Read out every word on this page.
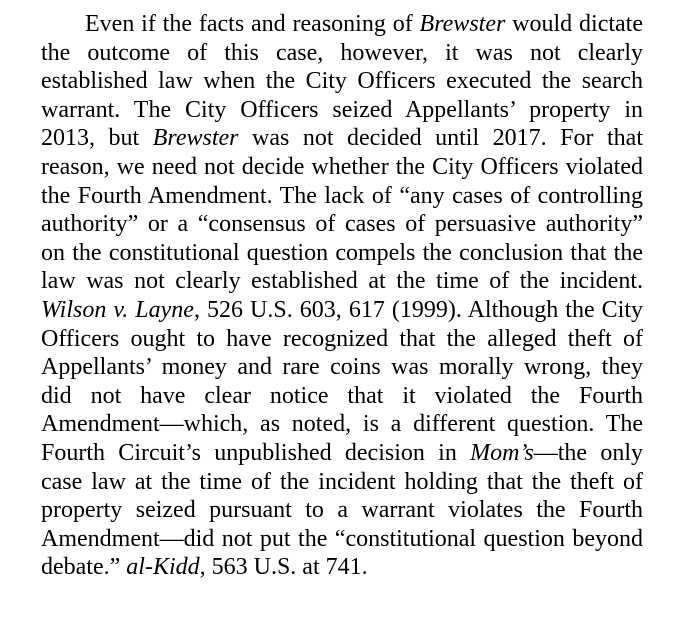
Even if the facts and reasoning of Brewster would dictate the outcome of this case, however, it was not clearly established law when the City Officers executed the search warrant. The City Officers seized Appellants’ property in 2013, but Brewster was not decided until 2017. For that reason, we need not decide whether the City Officers violated the Fourth Amendment. The lack of “any cases of controlling authority” or a “consensus of cases of persuasive authority” on the constitutional question compels the conclusion that the law was not clearly established at the time of the incident. Wilson v. Layne, 526 U.S. 603, 617 (1999). Although the City Officers ought to have recognized that the alleged theft of Appellants’ money and rare coins was morally wrong, they did not have clear notice that it violated the Fourth Amendment—which, as noted, is a different question. The Fourth Circuit’s unpublished decision in Mom’s—the only case law at the time of the incident holding that the theft of property seized pursuant to a warrant violates the Fourth Amendment—did not put the “constitutional question beyond debate.” al-Kidd, 563 U.S. at 741.
